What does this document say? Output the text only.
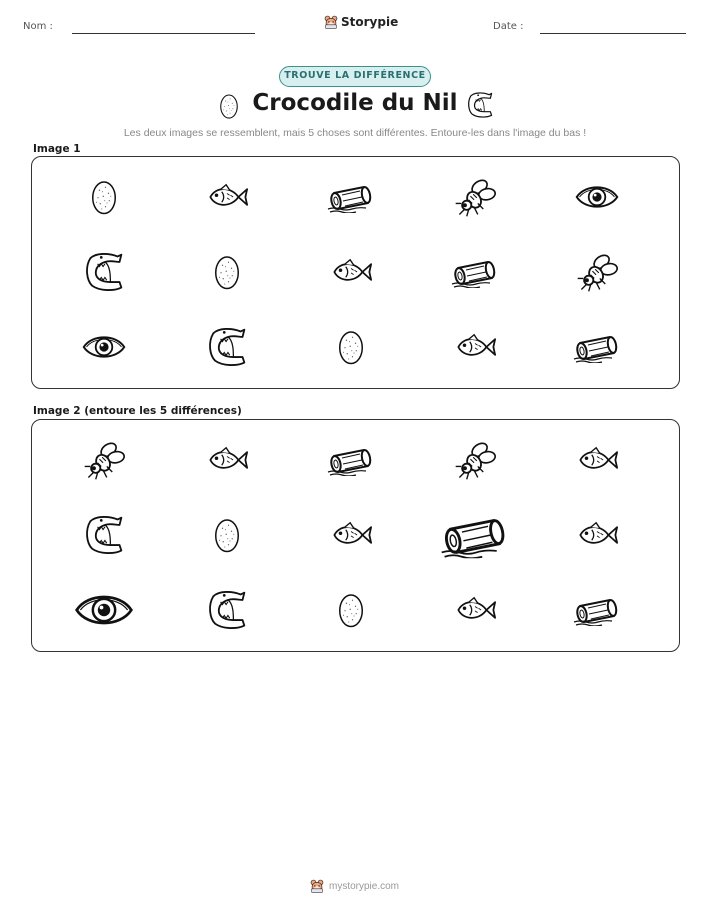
Nom :	Storypie	Date :
TROUVE LA DIFFÉRENCE
Crocodile du Nil
Les deux images se ressemblent, mais 5 choses sont différentes. Entoure-les dans l'image du bas !
Image 1
Image 2 (entoure les 5 différences)
mystorypie.com
